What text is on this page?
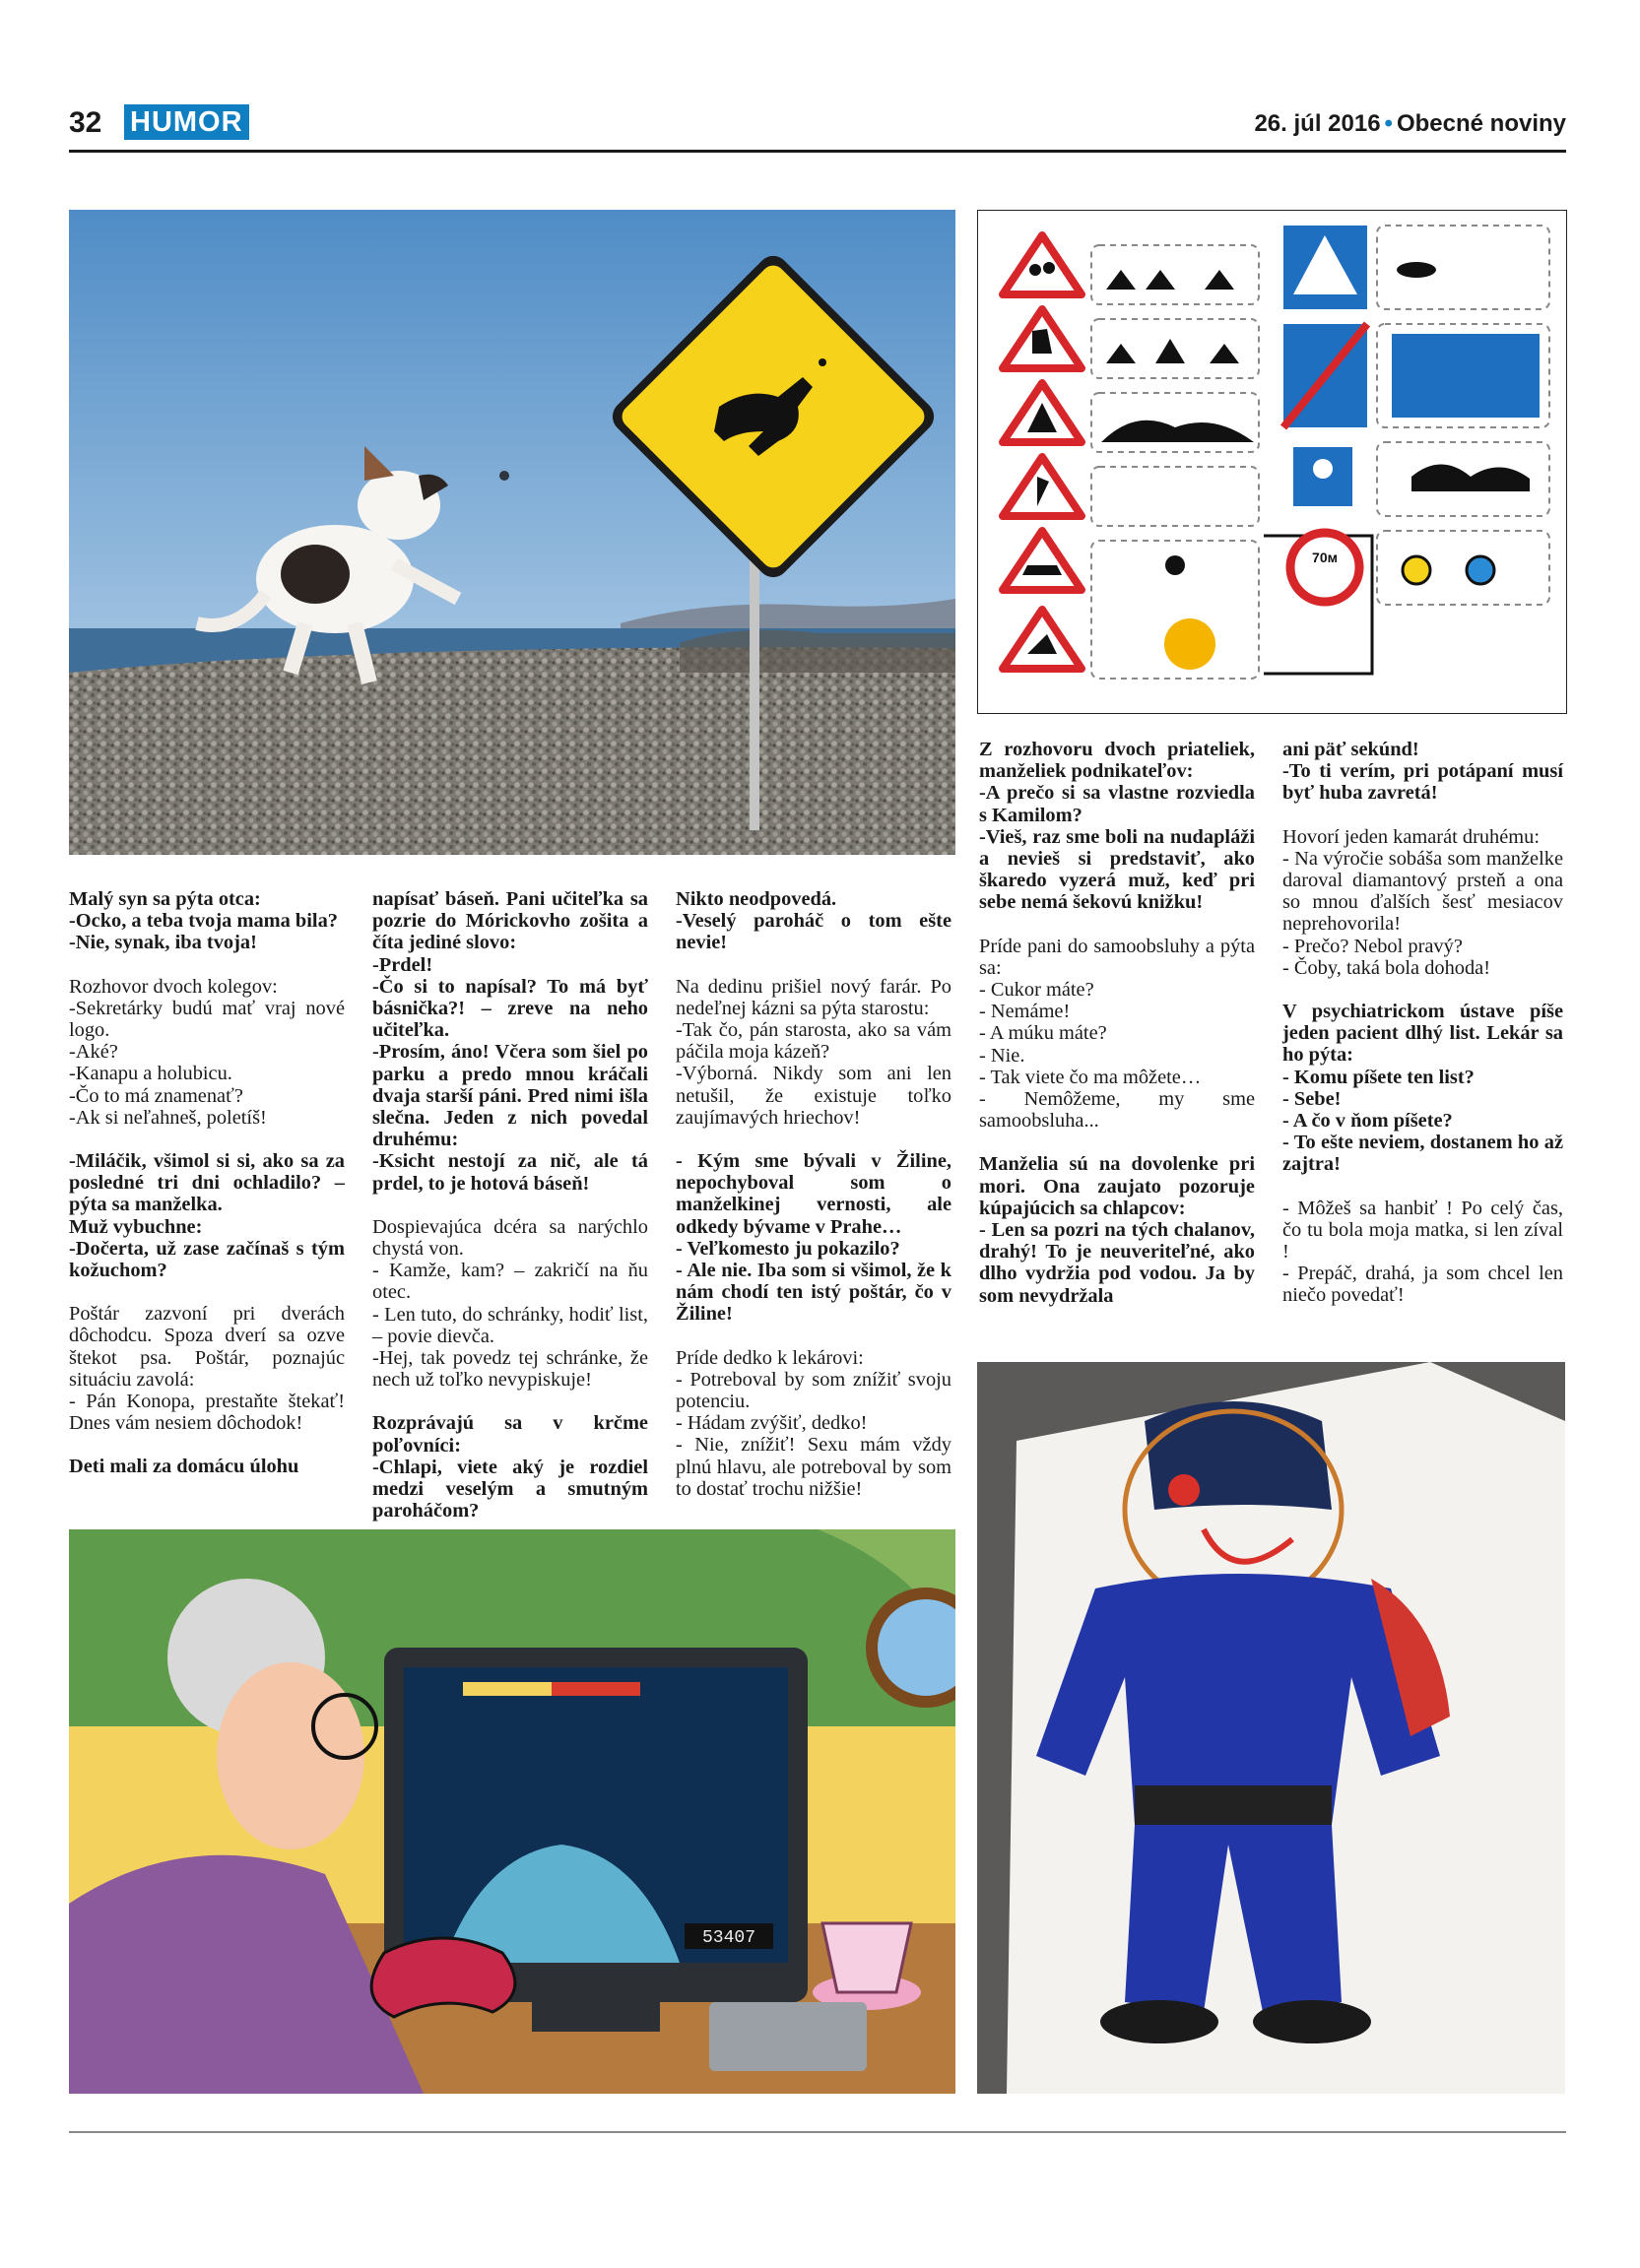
32 HUMOR	26. júl 2016 • Obecné noviny
70м
53407

Malý syn sa pýta otca:

-Ocko, a teba tvoja mama bila?
-Nie, synak, iba tvoja!

Rozhovor dvoch kolegov:
-Sekretárky budú mať vraj nové logo.
-Aké?
-Kanapu a holubicu.
-Čo to má znamenať?
-Ak si neľahneš, poletíš!

-Miláčik, všimol si si, ako sa za posledné tri dni ochladilo? – pýta sa manželka.
Muž vybuchne:
-Dočerta, už zase začínaš s tým kožuchom?

Poštár zazvoní pri dverách dôchodcu. Spoza dverí sa ozve štekot psa. Poštár, poznajúc situáciu zavolá:
- Pán Konopa, prestaňte štekať! Dnes vám nesiem dôchodok!

Deti mali za domácu úlohu

napísať báseň. Pani učiteľka sa pozrie do Mórickovho zošita a číta jediné slovo:
-Prdel!
-Čo si to napísal? To má byť básnička?! – zreve na neho učiteľka.
-Prosím, áno! Včera som šiel po parku a predo mnou kráčali dvaja starší páni. Pred nimi išla slečna. Jeden z nich povedal druhému:
-Ksicht nestojí za nič, ale tá prdel, to je hotová báseň!

Dospievajúca dcéra sa narýchlo chystá von.
- Kamže, kam? – zakričí na ňu otec.
- Len tuto, do schránky, hodiť list, – povie dievča.
-Hej, tak povedz tej schránke, že nech už toľko nevypiskuje!

Rozprávajú sa v krčme poľovníci:
-Chlapi, viete aký je rozdiel medzi veselým a smutným paroháčom?

Nikto neodpovedá.
-Veselý paroháč o tom ešte nevie!

Na dedinu prišiel nový farár. Po nedeľnej kázni sa pýta starostu:
-Tak čo, pán starosta, ako sa vám páčila moja kázeň?
-Výborná. Nikdy som ani len netušil, že existuje toľko zaujímavých hriechov!

- Kým sme bývali v Žiline, nepochyboval som o manželkinej vernosti, ale odkedy bývame v Prahe…
- Veľkomesto ju pokazilo?
- Ale nie. Iba som si všimol, že k nám chodí ten istý poštár, čo v Žiline!

Príde dedko k lekárovi:
- Potreboval by som znížiť svoju potenciu.
- Hádam zvýšiť, dedko!
- Nie, znížiť! Sexu mám vždy plnú hlavu, ale potreboval by som to dostať trochu nižšie!

Z rozhovoru dvoch priateliek, manželiek podnikateľov:
-A prečo si sa vlastne rozviedla s Kamilom?
-Vieš, raz sme boli na nudapláži a nevieš si predstaviť, ako škaredo vyzerá muž, keď pri sebe nemá šekovú knižku!

Príde pani do samoobsluhy a pýta sa:
- Cukor máte?
- Nemáme!
- A múku máte?
- Nie.
- Tak viete čo ma môžete…
- Nemôžeme, my sme samoobsluha...

Manželia sú na dovolenke pri mori. Ona zaujato pozoruje kúpajúcich sa chlapcov:
- Len sa pozri na tých chalanov, drahý! To je neuveriteľné, ako dlho vydržia pod vodou. Ja by som nevydržala

ani päť sekúnd!
-To ti verím, pri potápaní musí byť huba zavretá!

Hovorí jeden kamarát druhému:
- Na výročie sobáša som manželke daroval diamantový prsteň a ona so mnou ďalších šesť mesiacov neprehovorila!
- Prečo? Nebol pravý?
- Čoby, taká bola dohoda!

V psychiatrickom ústave píše jeden pacient dlhý list. Lekár sa ho pýta:
- Komu píšete ten list?
- Sebe!
- A čo v ňom píšete?
- To ešte neviem, dostanem ho až zajtra!

- Môžeš sa hanbiť ! Po celý čas, čo tu bola moja matka, si len zíval !
- Prepáč, drahá, ja som chcel len niečo povedať!
